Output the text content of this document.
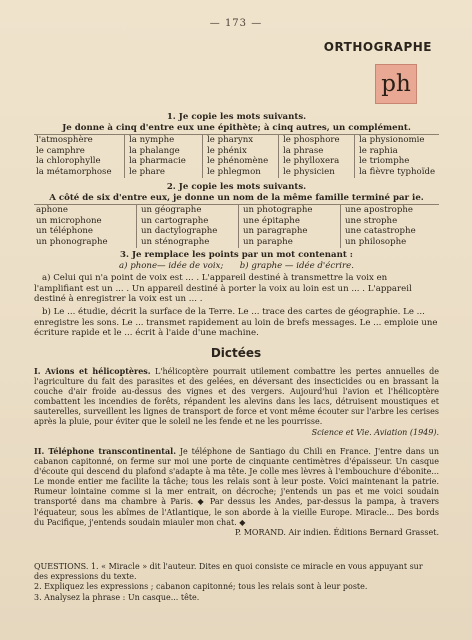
— 173 —
ORTHOGRAPHE
ph
1. Je copie les mots suivants.
Je donne à cinq d'entre eux une épithète; à cinq autres, un complément.
l'atmosphère
le camphre
la chlorophylle
la métamorphose
la nymphe
la phalange
la pharmacie
le phare
le pharynx
le phénix
le phénomène
le phlegmon
le phosphore
la phrase
le phylloxera
le physicien
la physionomie
le raphia
le triomphe
la fièvre typhoïde
2. Je copie les mots suivants.
A côté de six d'entre eux, je donne un nom de la même famille terminé par ie.
aphone
un microphone
un téléphone
un phonographe
un géographe
un cartographe
un dactylographe
un sténographe
un photographe
une épitaphe
un paragraphe
un paraphe
une apostrophe
une strophe
une catastrophe
un philosophe
3. Je remplace les points par un mot contenant :
a) phone— idée de voix; b) graphe — idée d'écrire.
a) Celui qui n'a point de voix est ... . L'appareil destiné à transmettre la voix en l'amplifiant est un ... . Un appareil destiné à porter la voix au loin est un ... . L'appareil destiné à enregistrer la voix est un ... .
b) Le ... étudie, décrit la surface de la Terre. Le ... trace des cartes de géographie. Le ... enregistre les sons. Le ... transmet rapidement au loin de brefs messages. Le ... emploie une écriture rapide et le ... écrit à l'aide d'une machine.
Dictées
I. Avions et hélicoptères. L'hélicoptère pourrait utilement combattre les pertes annuelles de l'agriculture du fait des parasites et des gelées, en déversant des insecticides ou en brassant la couche d'air froide au-dessus des vignes et des vergers. Aujourd'hui l'avion et l'hélicoptère combattent les incendies de forêts, répandent les alevins dans les lacs, détruisent moustiques et sauterelles, surveillent les lignes de transport de force et vont même écouter sur l'arbre les cerises après la pluie, pour éviter que le soleil ne les fende et ne les pourrisse.
Science et Vie. Aviation (1949).
II. Téléphone transcontinental. Je téléphone de Santiago du Chili en France. J'entre dans un cabanon capitonné, on ferme sur moi une porte de cinquante centimètres d'épaisseur. Un casque d'écoute qui descend du plafond s'adapte à ma tête. Je colle mes lèvres à l'embouchure d'ébonite... Le monde entier me facilite la tâche; tous les relais sont à leur poste. Voici maintenant la patrie. Rumeur lointaine comme si la mer entrait, on décroche; j'entends un pas et me voici soudain transporté dans ma chambre à Paris. ◆ Par dessus les Andes, par-dessus la pampa, à travers l'équateur, sous les abîmes de l'Atlantique, le son aborde à la vieille Europe. Miracle... Des bords du Pacifique, j'entends soudain miauler mon chat. ◆
P. MORAND. Air indien. Éditions Bernard Grasset.
QUESTIONS. 1. « Miracle » dit l'auteur. Dites en quoi consiste ce miracle en vous appuyant sur des expressions du texte.
2. Expliquez les expressions ; cabanon capitonné; tous les relais sont à leur poste.
3. Analysez la phrase : Un casque... tête.
